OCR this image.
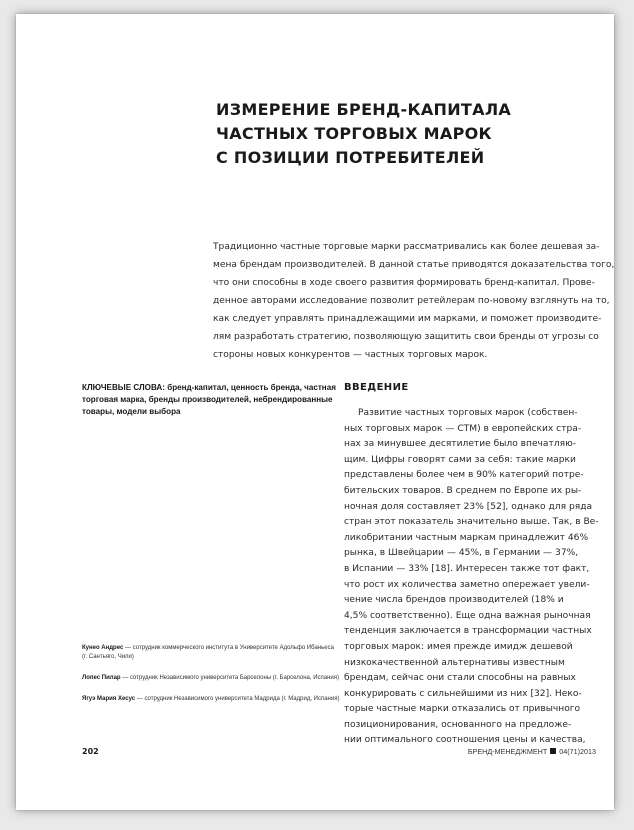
ИЗМЕРЕНИЕ БРЕНД-КАПИТАЛА
ЧАСТНЫХ ТОРГОВЫХ МАРОК
С ПОЗИЦИИ ПОТРЕБИТЕЛЕЙ
Традиционно частные торговые марки рассматривались как более дешевая за-
мена брендам производителей. В данной статье приводятся доказательства того,
что они способны в ходе своего развития формировать бренд-капитал. Прове-
денное авторами исследование позволит ретейлерам по-новому взглянуть на то,
как следует управлять принадлежащими им марками, и поможет производите-
лям разработать стратегию, позволяющую защитить свои бренды от угрозы со
стороны новых конкурентов — частных торговых марок.
КЛЮЧЕВЫЕ СЛОВА: бренд-капитал, ценность бренда, частная
торговая марка, бренды производителей, небрендированные
товары, модели выбора
ВВЕДЕНИЕ
Развитие частных торговых марок (собствен-
ных торговых марок — СТМ) в европейских стра-
нах за минувшее десятилетие было впечатляю-
щим. Цифры говорят сами за себя: такие марки
представлены более чем в 90% категорий потре-
бительских товаров. В среднем по Европе их ры-
ночная доля составляет 23% [52], однако для ряда
стран этот показатель значительно выше. Так, в Ве-
ликобритании частным маркам принадлежит 46%
рынка, в Швейцарии — 45%, в Германии — 37%,
в Испании — 33% [18]. Интересен также тот факт,
что рост их количества заметно опережает увели-
чение числа брендов производителей (18% и
4,5% соответственно). Еще одна важная рыночная
тенденция заключается в трансформации частных
торговых марок: имея прежде имидж дешевой
низкокачественной альтернативы известным
брендам, сейчас они стали способны на равных
конкурировать с сильнейшими из них [32]. Неко-
торые частные марки отказались от привычного
позиционирования, основанного на предложе-
нии оптимального соотношения цены и качества,
Кунео Андрес — сотрудник коммерческого института в Университете Адольфо Ибаньеса
(г. Сантьяго, Чили)
Лопес Пилар — сотрудник Независимого университета Барселоны (г. Барселона, Испания)
Ягуэ Мария Хесус — сотрудник Независимого университета Мадрида (г. Мадрид, Испания)
202	БРЕНД-МЕНЕДЖМЕНТ 04(71)2013
